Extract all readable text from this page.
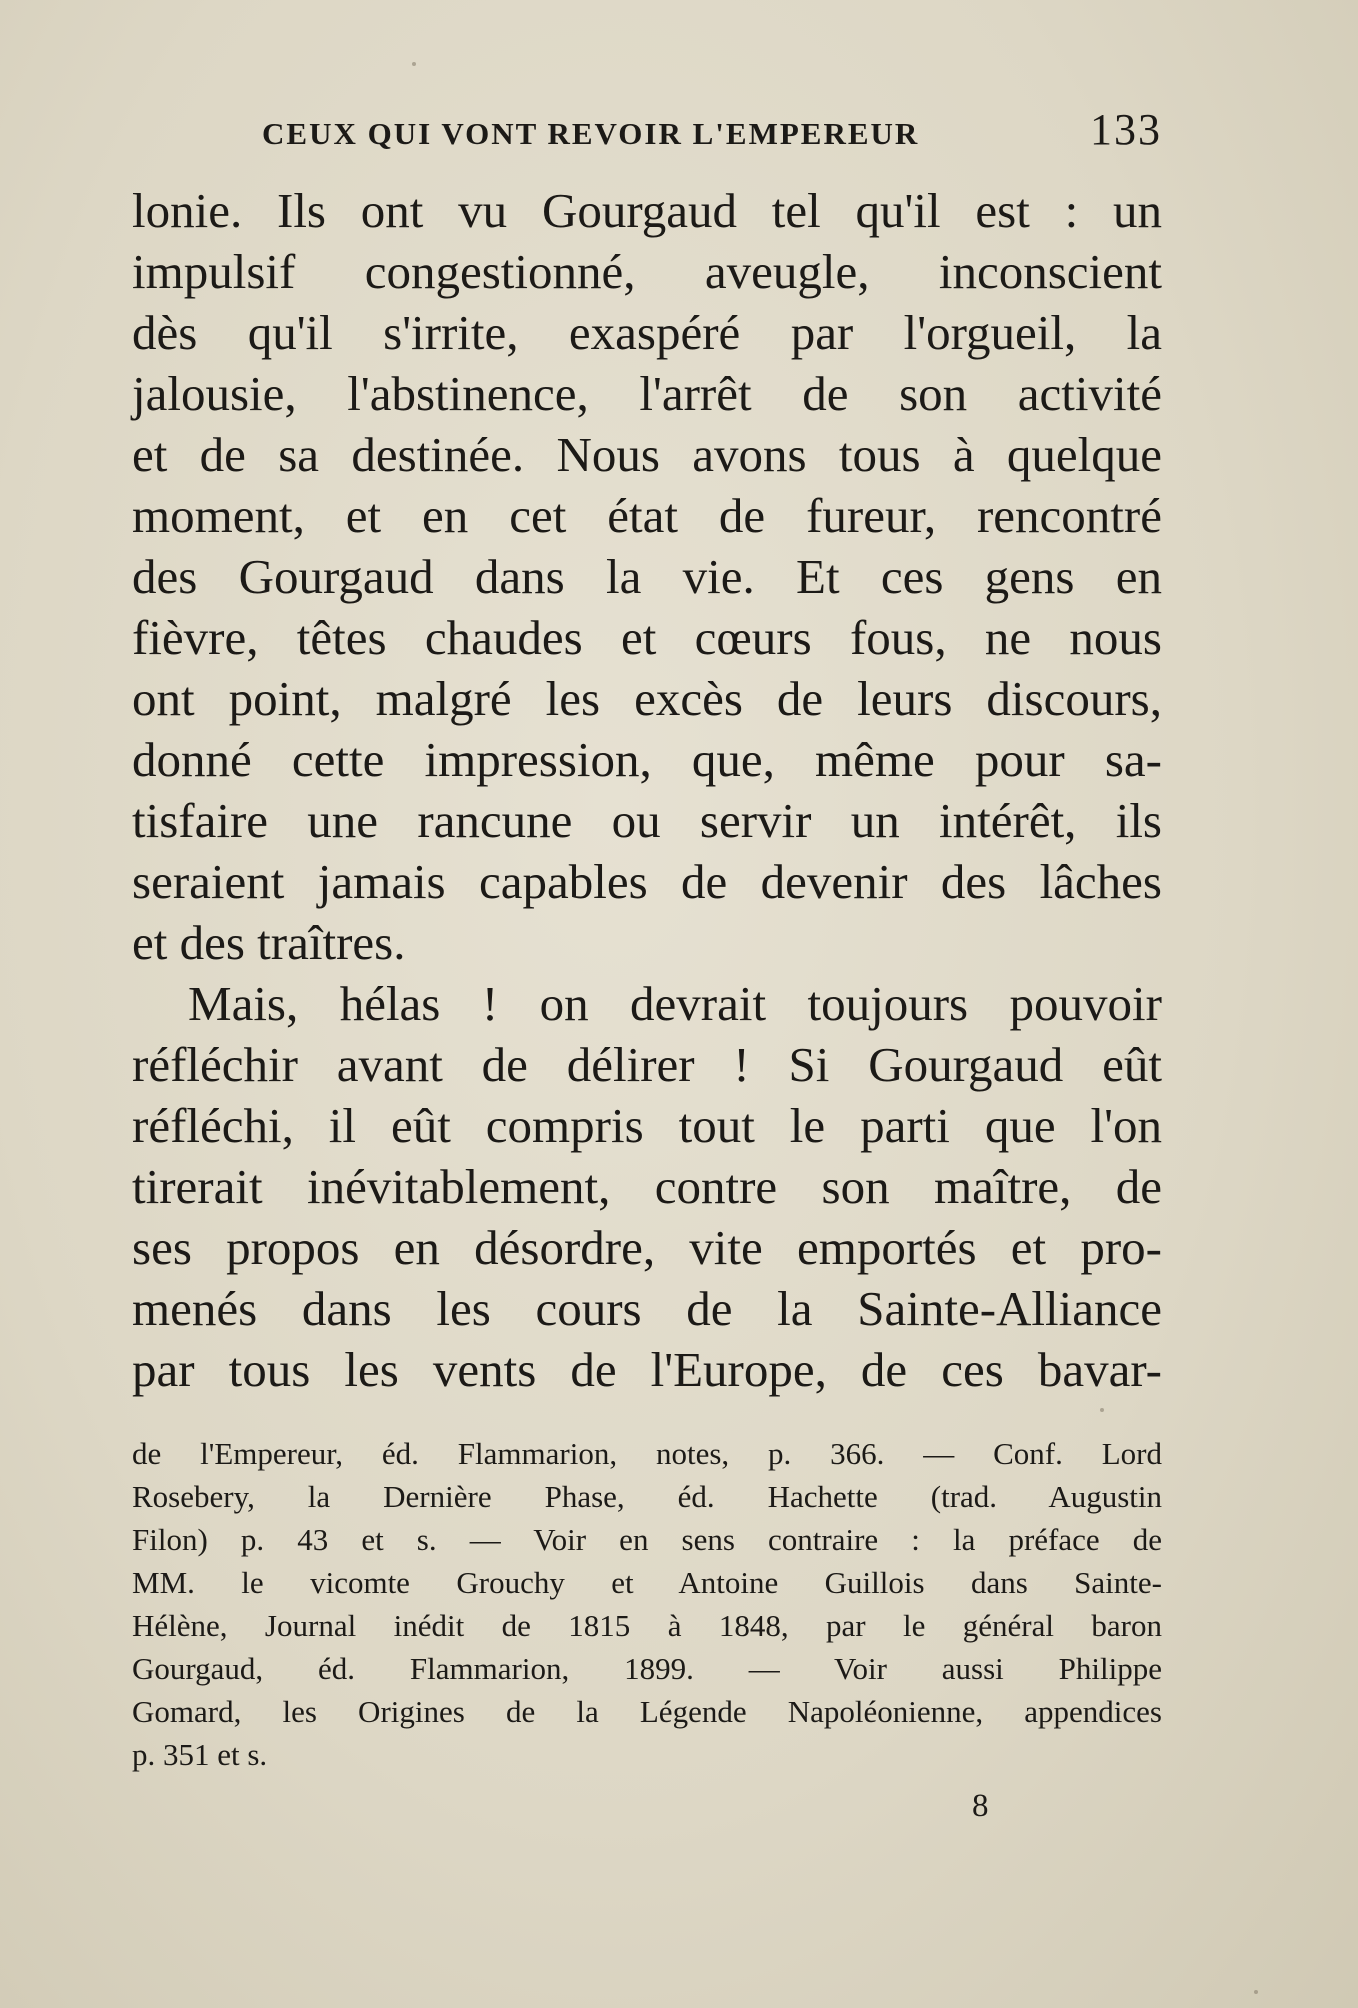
CEUX QUI VONT REVOIR L'EMPEREUR	133
lonie. Ils ont vu Gourgaud tel qu'il est : un
impulsif congestionné, aveugle, inconscient
dès qu'il s'irrite, exaspéré par l'orgueil, la
jalousie, l'abstinence, l'arrêt de son activité
et de sa destinée. Nous avons tous à quelque
moment, et en cet état de fureur, rencontré
des Gourgaud dans la vie. Et ces gens en
fièvre, têtes chaudes et cœurs fous, ne nous
ont point, malgré les excès de leurs discours,
donné cette impression, que, même pour sa-
tisfaire une rancune ou servir un intérêt, ils
seraient jamais capables de devenir des lâches
et des traîtres.
Mais, hélas ! on devrait toujours pouvoir
réfléchir avant de délirer ! Si Gourgaud eût
réfléchi, il eût compris tout le parti que l'on
tirerait inévitablement, contre son maître, de
ses propos en désordre, vite emportés et pro-
menés dans les cours de la Sainte-Alliance
par tous les vents de l'Europe, de ces bavar-
de l'Empereur, éd. Flammarion, notes, p. 366. — Conf. Lord
Rosebery, la Dernière Phase, éd. Hachette (trad. Augustin
Filon) p. 43 et s. — Voir en sens contraire : la préface de
MM. le vicomte Grouchy et Antoine Guillois dans Sainte-
Hélène, Journal inédit de 1815 à 1848, par le général baron
Gourgaud, éd. Flammarion, 1899. — Voir aussi Philippe
Gomard, les Origines de la Légende Napoléonienne, appendices
p. 351 et s.
8
